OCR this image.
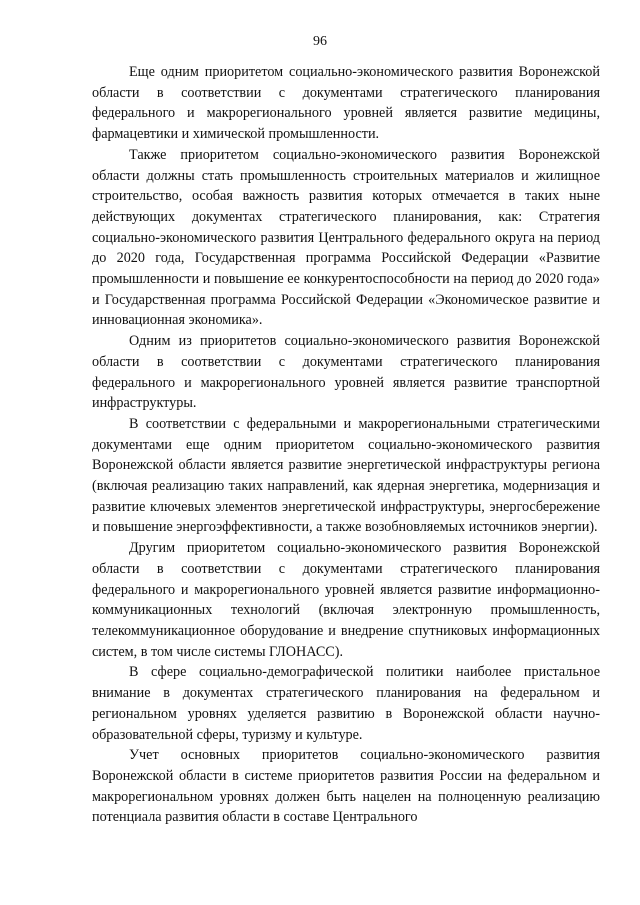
96

Еще одним приоритетом социально-экономического развития Воронежской области в соответствии с документами стратегического планирования федерального и макрорегионального уровней является развитие медицины, фармацевтики и химической промышленности.

Также приоритетом социально-экономического развития Воронежской области должны стать промышленность строительных материалов и жилищное строительство, особая важность развития которых отмечается в таких ныне действующих документах стратегического планирования, как: Стратегия социально-экономического развития Центрального федерального округа на период до 2020 года, Государственная программа Российской Федерации «Развитие промышленности и повышение ее конкурентоспособности на период до 2020 года» и Государственная программа Российской Федерации «Экономическое развитие и инновационная экономика».

Одним из приоритетов социально-экономического развития Воронежской области в соответствии с документами стратегического планирования федерального и макрорегионального уровней является развитие транспортной инфраструктуры.

В соответствии с федеральными и макрорегиональными стратегическими документами еще одним приоритетом социально-экономического развития Воронежской области является развитие энергетической инфраструктуры региона (включая реализацию таких направлений, как ядерная энергетика, модернизация и развитие ключевых элементов энергетической инфраструктуры, энергосбережение и повышение энергоэффективности, а также возобновляемых источников энергии).

Другим приоритетом социально-экономического развития Воронежской области в соответствии с документами стратегического планирования федерального и макрорегионального уровней является развитие информационно-коммуникационных технологий (включая электронную промышленность, телекоммуникационное оборудование и внедрение спутниковых информационных систем, в том числе системы ГЛОНАСС).

В сфере социально-демографической политики наиболее пристальное внимание в документах стратегического планирования на федеральном и региональном уровнях уделяется развитию в Воронежской области научно-образовательной сферы, туризму и культуре.

Учет основных приоритетов социально-экономического развития Воронежской области в системе приоритетов развития России на федеральном и макрорегиональном уровнях должен быть нацелен на полноценную реализацию потенциала развития области в составе Центрального
